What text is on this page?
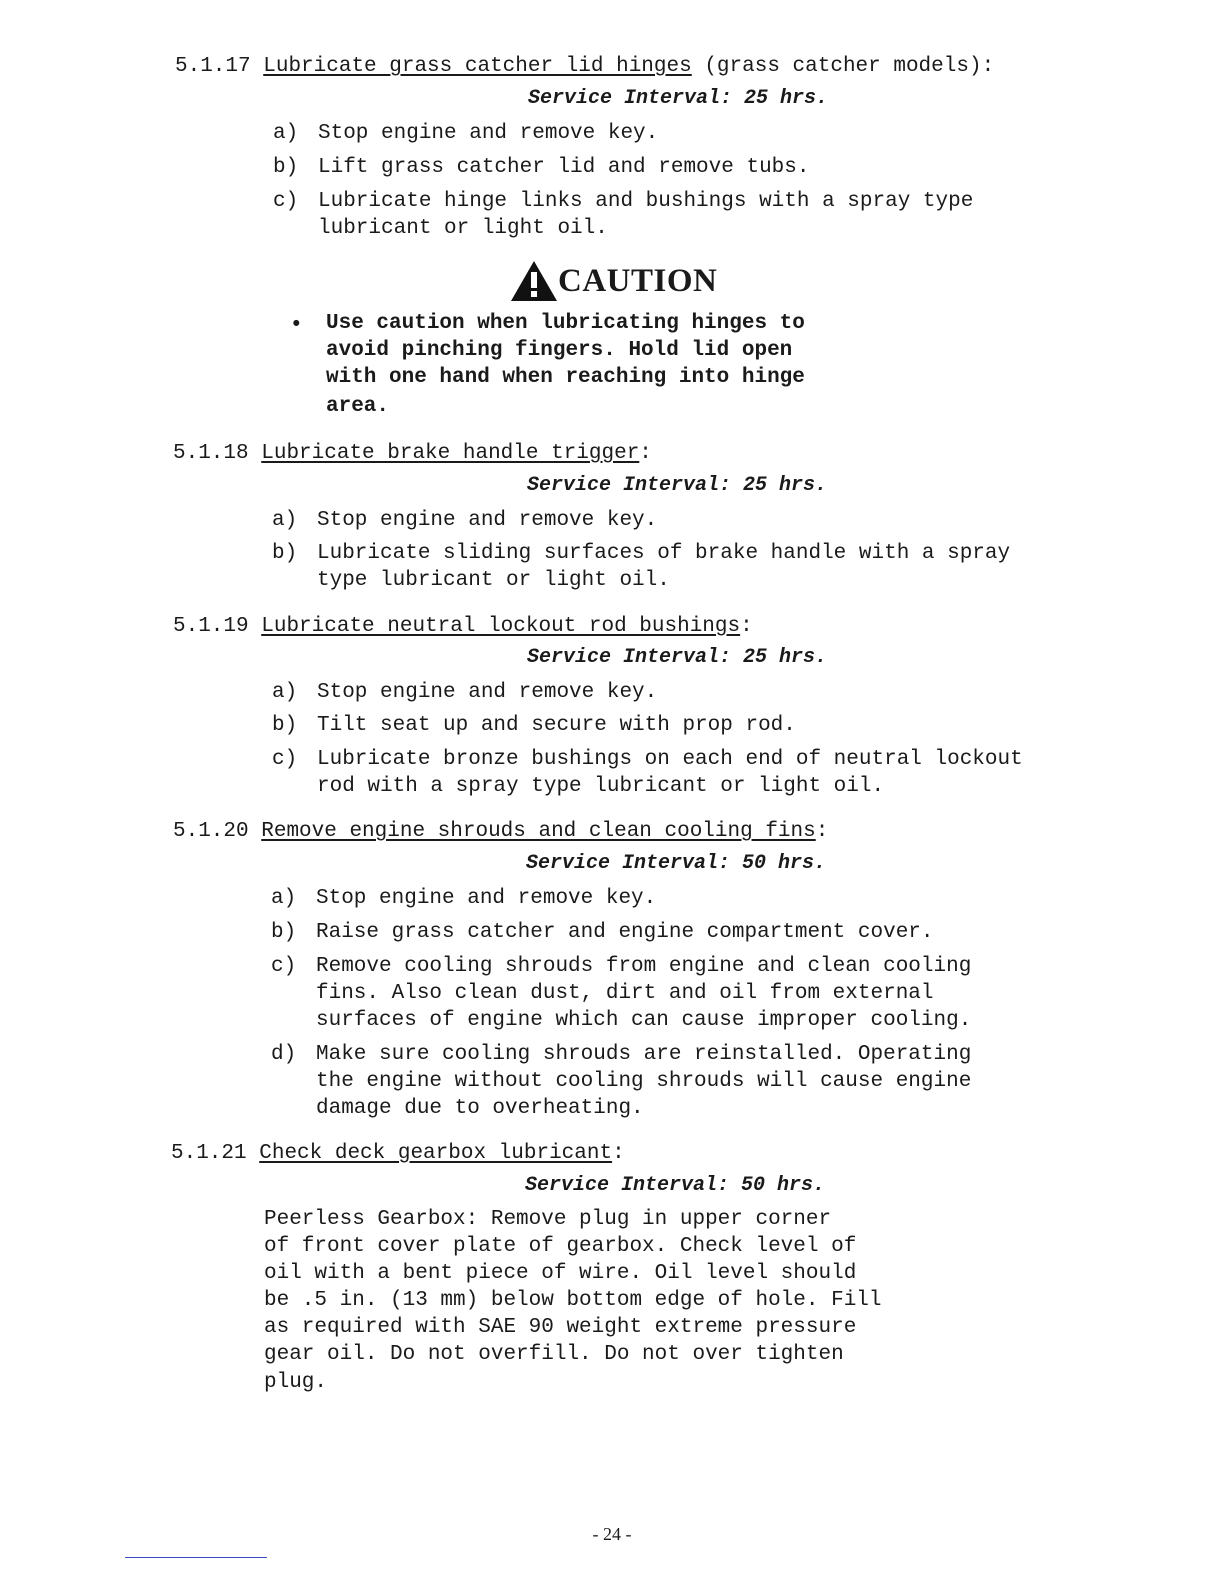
5.1.17 Lubricate grass catcher lid hinges (grass catcher models):
Service Interval: 25 hrs.
a) Stop engine and remove key.
b) Lift grass catcher lid and remove tubs.
c) Lubricate hinge links and bushings with a spray type
lubricant or light oil.
CAUTION
• Use caution when lubricating hinges to
avoid pinching fingers. Hold lid open
with one hand when reaching into hinge
area.
5.1.18 Lubricate brake handle trigger:
Service Interval: 25 hrs.
a) Stop engine and remove key.
b) Lubricate sliding surfaces of brake handle with a spray
type lubricant or light oil.
5.1.19 Lubricate neutral lockout rod bushings:
Service Interval: 25 hrs.
a) Stop engine and remove key.
b) Tilt seat up and secure with prop rod.
c) Lubricate bronze bushings on each end of neutral lockout
rod with a spray type lubricant or light oil.
5.1.20 Remove engine shrouds and clean cooling fins:
Service Interval: 50 hrs.
a) Stop engine and remove key.
b) Raise grass catcher and engine compartment cover.
c) Remove cooling shrouds from engine and clean cooling
fins. Also clean dust, dirt and oil from external
surfaces of engine which can cause improper cooling.
d) Make sure cooling shrouds are reinstalled. Operating
the engine without cooling shrouds will cause engine
damage due to overheating.
5.1.21 Check deck gearbox lubricant:
Service Interval: 50 hrs.
Peerless Gearbox: Remove plug in upper corner
of front cover plate of gearbox. Check level of
oil with a bent piece of wire. Oil level should
be .5 in. (13 mm) below bottom edge of hole. Fill
as required with SAE 90 weight extreme pressure
gear oil. Do not overfill. Do not over tighten
plug.
- 24 -
